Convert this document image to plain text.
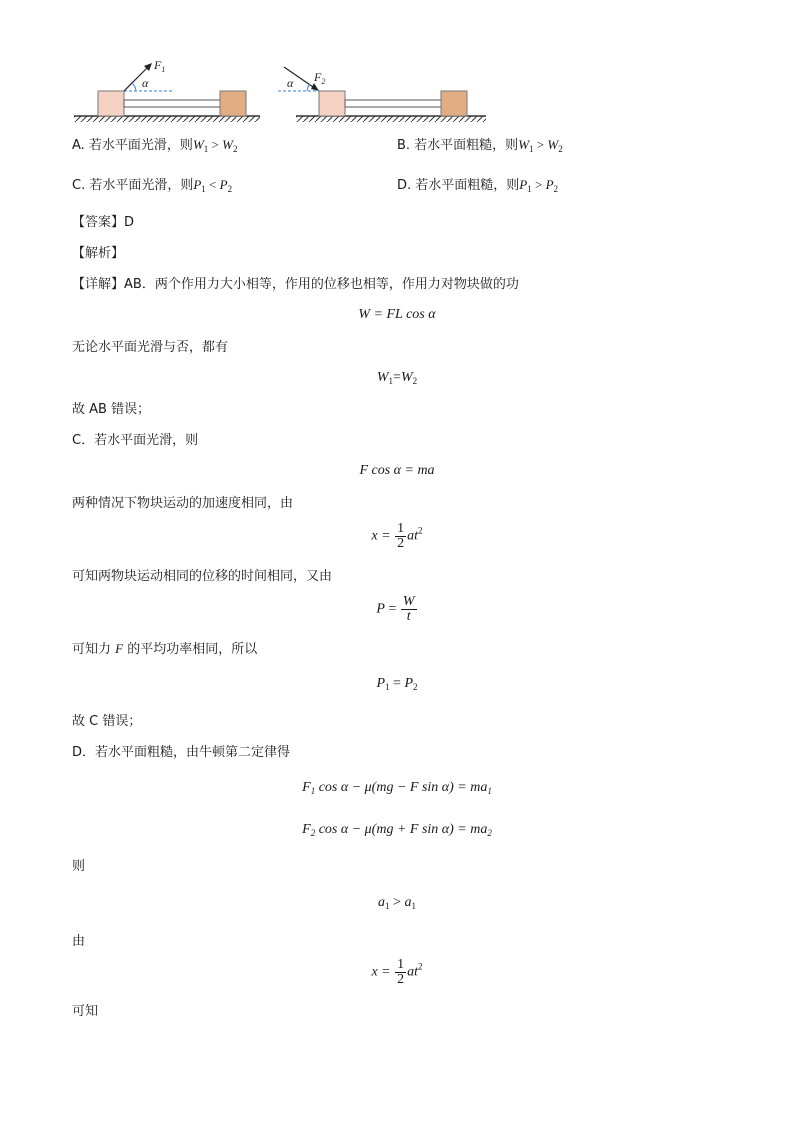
$F_1$
α	$F_2$
α
A. 若水平面光滑，则$W_1 > W_2$	B. 若水平面粗糙，则$W_1 > W_2$
C. 若水平面光滑，则$P_1 < P_2$	D. 若水平面粗糙，则$P_1 > P_2$
【答案】D
【解析】
【详解】AB．两个作用力大小相等，作用的位移也相等，作用力对物块做的功
W = FL cos α
无论水平面光滑与否，都有
$W_1=W_2$
故 AB 错误；
C．若水平面光滑，则
F cos α = ma
两种情况下物块运动的加速度相同，由
$x = \frac{1}{2} at^2$
可知两物块运动相同的位移的时间相同，又由
$P = \frac{W}{t}$
可知力 F 的平均功率相同，所以
$P_1 = P_2$
故 C 错误；
D．若水平面粗糙，由牛顿第二定律得
$F_1$ cos α − μ(mg − F $\sin \alpha) = ma_1$
$F_2$ cos α − μ(mg + F $\sin \alpha) = ma_2$
则
$a_1 > a_1$
由
$x = \frac{1}{2} at^2$
可知
